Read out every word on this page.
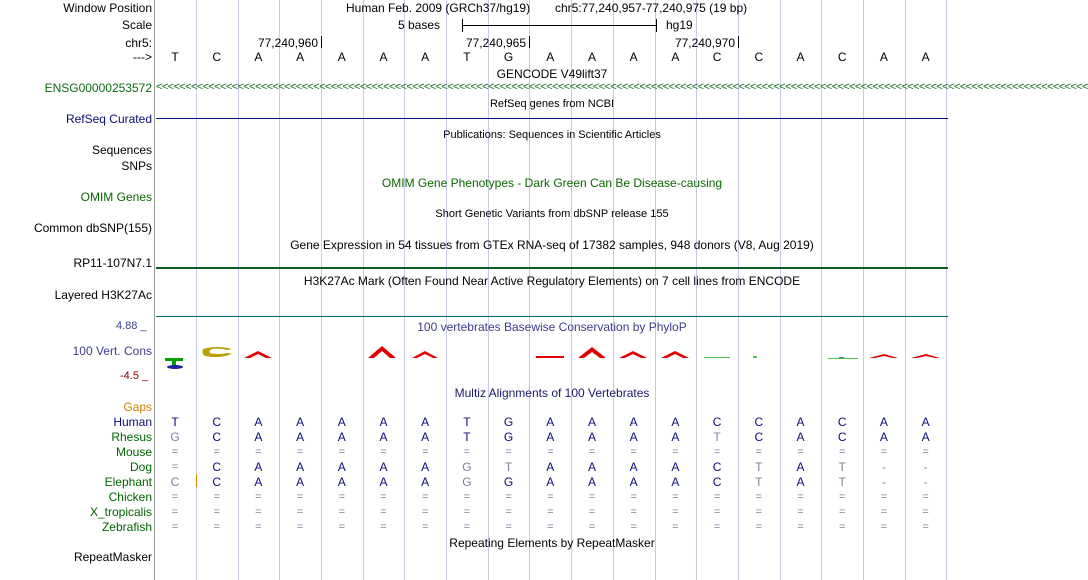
Window Position
Scale
chr5:
--->
Human Feb. 2009 (GRCh37/hg19) chr5:77,240,957-77,240,975 (19 bp)
5 bases	hg19
77,240,960	77,240,965	77,240,970
T	C	A	A	A	A	A	T	G	A	A	A	A	C	C	A	C	A	A
GENCODE V49lift37
ENSG00000253572 <<<<<<<<<<<<<<<<<<<<<<<<<<<<<<<<<<<<<<<<<<<<<<<<<<<<<<<<<<<<<<<<<<<<<<<<<<<<<<<<<<<<<<<<<<<<<<<<<<<<<<<<<<<<<<<<<<<<<<<<<<<<<<<<<<<<<<<<<<<<<<<<<<<<<<<<<<<<<<<<
RefSeq genes from NCBI
RefSeq Curated
Publications: Sequences in Scientific Articles
Sequences
SNPs
OMIM Gene Phenotypes - Dark Green Can Be Disease-causing
OMIM Genes
Short Genetic Variants from dbSNP release 155
Common dbSNP(155)
Gene Expression in 54 tissues from GTEx RNA-seq of 17382 samples, 948 donors (V8, Aug 2019)
RP11-107N7.1
H3K27Ac Mark (Often Found Near Active Regulatory Elements) on 7 cell lines from ENCODE
Layered H3K27Ac
100 vertebrates Basewise Conservation by PhyloP
4.88 _
100 Vert. Cons
-4.5 _
Multiz Alignments of 100 Vertebrates
Gaps
Human
Rhesus
Mouse
Dog
Elephant
Chicken
X_tropicalis
Zebrafish
T	C	A	A	A	A	A	T	G	A	A	A	A	C	C	A	C	A	A
G	C	A	A	A	A	A	T	G	A	A	A	A	T	C	A	C	A	A
=	=	=	=	=	=	=	=	=	=	=	=	=	=	=	=	=	=	=
=	C	A	A	A	A	A	G	T	A	A	A	A	C	T	A	T	-	-
C	C	A	A	A	A	A	G	G	A	A	A	A	C	T	A	T	-	-
=	=	=	=	=	=	=	=	=	=	=	=	=	=	=	=	=	=	=
=	=	=	=	=	=	=	=	=	=	=	=	=	=	=	=	=	=	=
=	=	=	=	=	=	=	=	=	=	=	=	=	=	=	=	=	=	=
Repeating Elements by RepeatMasker
RepeatMasker
